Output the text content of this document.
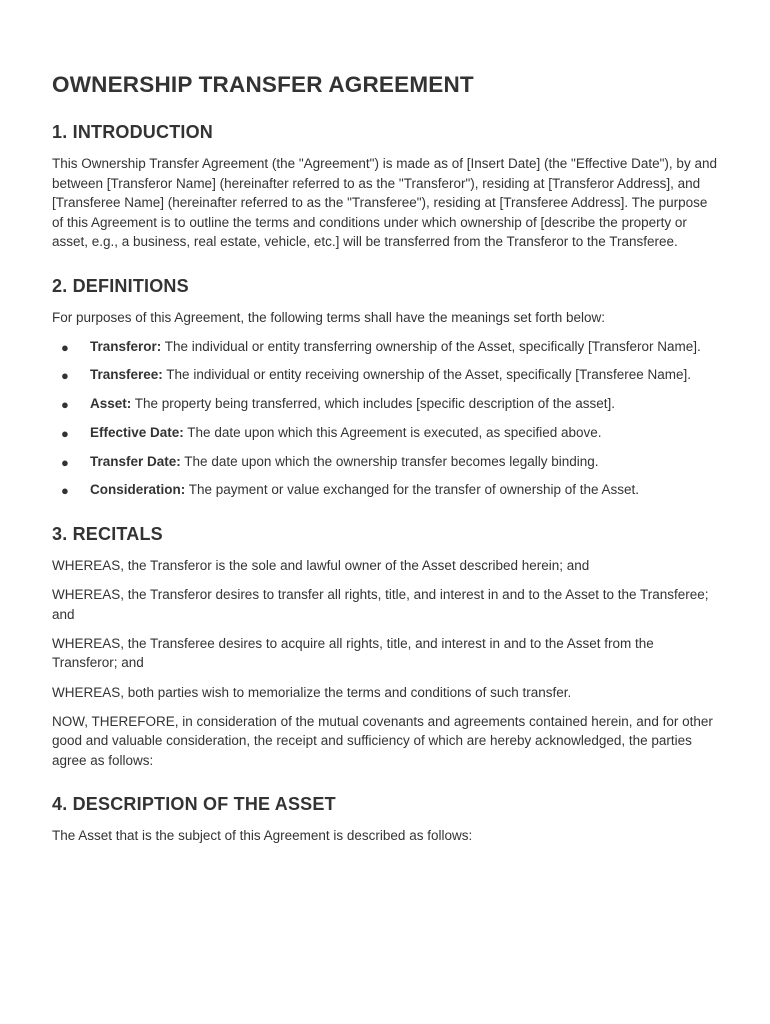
OWNERSHIP TRANSFER AGREEMENT
1. INTRODUCTION

This Ownership Transfer Agreement (the "Agreement") is made as of [Insert Date] (the "Effective Date"), by and between [Transferor Name] (hereinafter referred to as the "Transferor"), residing at [Transferor Address], and [Transferee Name] (hereinafter referred to as the "Transferee"), residing at [Transferee Address]. The purpose of this Agreement is to outline the terms and conditions under which ownership of [describe the property or asset, e.g., a business, real estate, vehicle, etc.] will be transferred from the Transferor to the Transferee.

2. DEFINITIONS

For purposes of this Agreement, the following terms shall have the meanings set forth below:

● Transferor: The individual or entity transferring ownership of the Asset, specifically [Transferor Name].
● Transferee: The individual or entity receiving ownership of the Asset, specifically [Transferee Name].
● Asset: The property being transferred, which includes [specific description of the asset].
● Effective Date: The date upon which this Agreement is executed, as specified above.
● Transfer Date: The date upon which the ownership transfer becomes legally binding.
● Consideration: The payment or value exchanged for the transfer of ownership of the Asset.
3. RECITALS

WHEREAS, the Transferor is the sole and lawful owner of the Asset described herein; and

WHEREAS, the Transferor desires to transfer all rights, title, and interest in and to the Asset to the Transferee; and

WHEREAS, the Transferee desires to acquire all rights, title, and interest in and to the Asset from the Transferor; and

WHEREAS, both parties wish to memorialize the terms and conditions of such transfer.

NOW, THEREFORE, in consideration of the mutual covenants and agreements contained herein, and for other good and valuable consideration, the receipt and sufficiency of which are hereby acknowledged, the parties agree as follows:

4. DESCRIPTION OF THE ASSET

The Asset that is the subject of this Agreement is described as follows:
